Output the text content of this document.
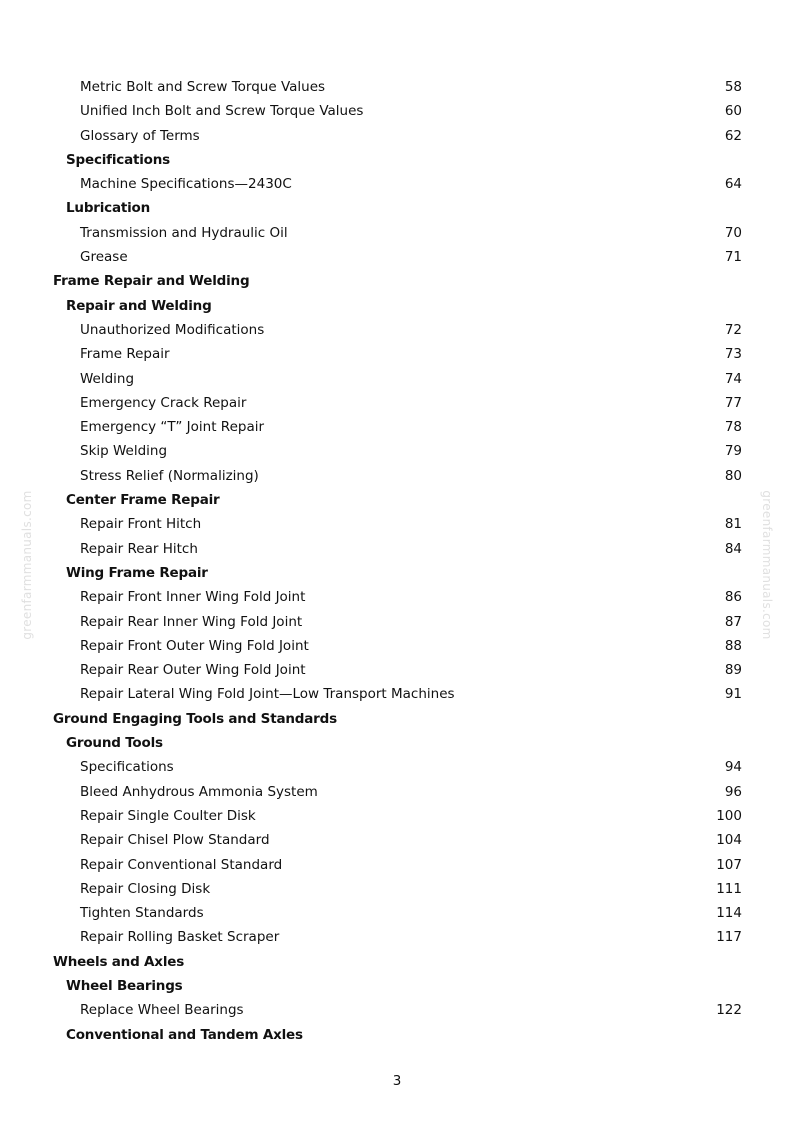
Metric Bolt and Screw Torque Values	58
Unified Inch Bolt and Screw Torque Values	60
Glossary of Terms	62
Specifications
Machine Specifications—2430C	64
Lubrication
Transmission and Hydraulic Oil	70
Grease	71
Frame Repair and Welding
Repair and Welding
Unauthorized Modifications	72
Frame Repair	73
Welding	74
Emergency Crack Repair	77
Emergency “T” Joint Repair	78
Skip Welding	79
Stress Relief (Normalizing)	80
Center Frame Repair
Repair Front Hitch	81
Repair Rear Hitch	84
Wing Frame Repair
Repair Front Inner Wing Fold Joint	86
Repair Rear Inner Wing Fold Joint	87
Repair Front Outer Wing Fold Joint	88
Repair Rear Outer Wing Fold Joint	89
Repair Lateral Wing Fold Joint—Low Transport Machines	91
Ground Engaging Tools and Standards
Ground Tools
Specifications	94
Bleed Anhydrous Ammonia System	96
Repair Single Coulter Disk	100
Repair Chisel Plow Standard	104
Repair Conventional Standard	107
Repair Closing Disk	111
Tighten Standards	114
Repair Rolling Basket Scraper	117
Wheels and Axles
Wheel Bearings
Replace Wheel Bearings	122
Conventional and Tandem Axles
greenfarmmanuals.com	greenfarmmanuals.com
3
